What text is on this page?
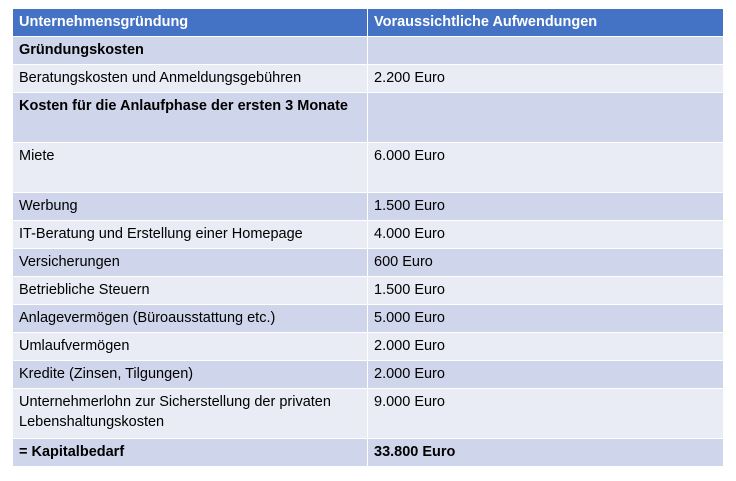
Unternehmensgründung	Voraussichtliche Aufwendungen
Gründungskosten	
Beratungskosten und Anmeldungsgebühren	2.200 Euro
Kosten für die Anlaufphase der ersten 3 Monate	
Miete	6.000 Euro
Werbung	1.500 Euro
IT-Beratung und Erstellung einer Homepage	4.000 Euro
Versicherungen	600 Euro
Betriebliche Steuern	1.500 Euro
Anlagevermögen (Büroausstattung etc.)	5.000 Euro
Umlaufvermögen	2.000 Euro
Kredite (Zinsen, Tilgungen)	2.000 Euro
Unternehmerlohn zur Sicherstellung der privaten Lebenshaltungskosten	9.000 Euro
= Kapitalbedarf	33.800 Euro
